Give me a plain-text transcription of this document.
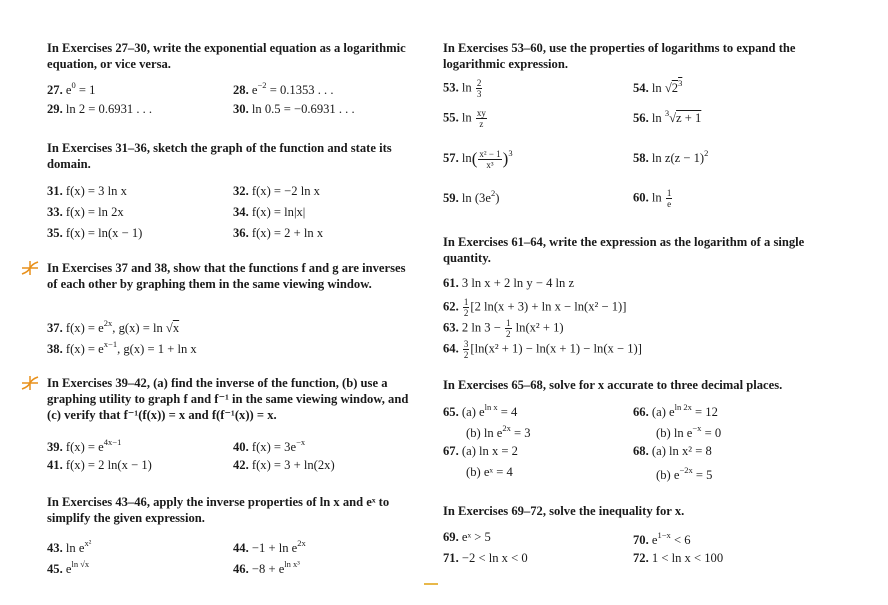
In Exercises 27–30, write the exponential equation as a logarithmic equation, or vice versa.

27. $e^0 = 1$	28. $e^{-2} = 0.1353$ . . .
29. ln 2 = 0.6931 . . .	30. ln 0.5 = −0.6931 . . .

In Exercises 31–36, sketch the graph of the function and state its domain.

31. f(x) = 3 ln x	32. f(x) = −2 ln x
33. f(x) = ln 2x	34. f(x) = ln|x|
35. f(x) = ln(x − 1)	36. f(x) = 2 + ln x

In Exercises 37 and 38, show that the functions f and g are inverses of each other by graphing them in the same viewing window.

37. $f(x) = e^{2x}$, g(x) = ln √x
38. $f(x) = e^{x-1}$, g(x) = 1 + ln x

In Exercises 39–42, (a) find the inverse of the function, (b) use a graphing utility to graph f and f⁻¹ in the same viewing window, and (c) verify that f⁻¹(f(x)) = x and f(f⁻¹(x)) = x.

39. $f(x) = e^{4x-1}$	40. $f(x) = 3e^{-x}$
41. f(x) = 2 ln(x − 1)	42. f(x) = 3 + ln(2x)

In Exercises 43–46, apply the inverse properties of ln x and eˣ to simplify the given expression.

43. $\ln e^{x^2}$	44. $-1 + \ln e^{2x}$
45. $e^{ln √x}$	46. $-8 + e^{ln x^3}$

In Exercises 53–60, use the properties of logarithms to expand the logarithmic expression.

53. $\ln \frac{2}{3}$	54. $\ln √2^3$
55. $\ln \frac{xy}{z}$	56. ln $^3$√z + 1
57. $\ln( \frac{\text{x² − 1}}{\text{x³}} )^3$	58. $\ln z(z - 1)^2$
59. $\ln (3e^2)$	60. $\ln \frac{1}{e}$

In Exercises 61–64, write the expression as the logarithm of a single quantity.

61. 3 ln x + 2 ln y − 4 ln z
62. $\frac{1}{2} [2$ ln(x + 3) + ln x − ln(x² − 1)]
63. 2 $\ln 3 - \frac{1}{2} \ln(x^2 + 1)$
64. $\frac{3}{2} [\ln(x^2 + 1) - \ln(x + 1) - \ln(x - 1)]$

In Exercises 65–68, solve for x accurate to three decimal places.

65. (a) $e^{ln x} = 4$	66. (a) $e^{ln 2x} = 12$
(b) $\ln e^{2x} = 3$	(b) $\ln e^{-x} = 0$
67. (a) ln x = 2	68. (a) ln x² = 8
(b) eˣ = 4	(b) $e^{-2x} = 5$

In Exercises 69–72, solve the inequality for x.

69. eˣ > 5	70. $e^{1-x} < 6$
71. −2 < ln x < 0	72. 1 < ln x < 100
